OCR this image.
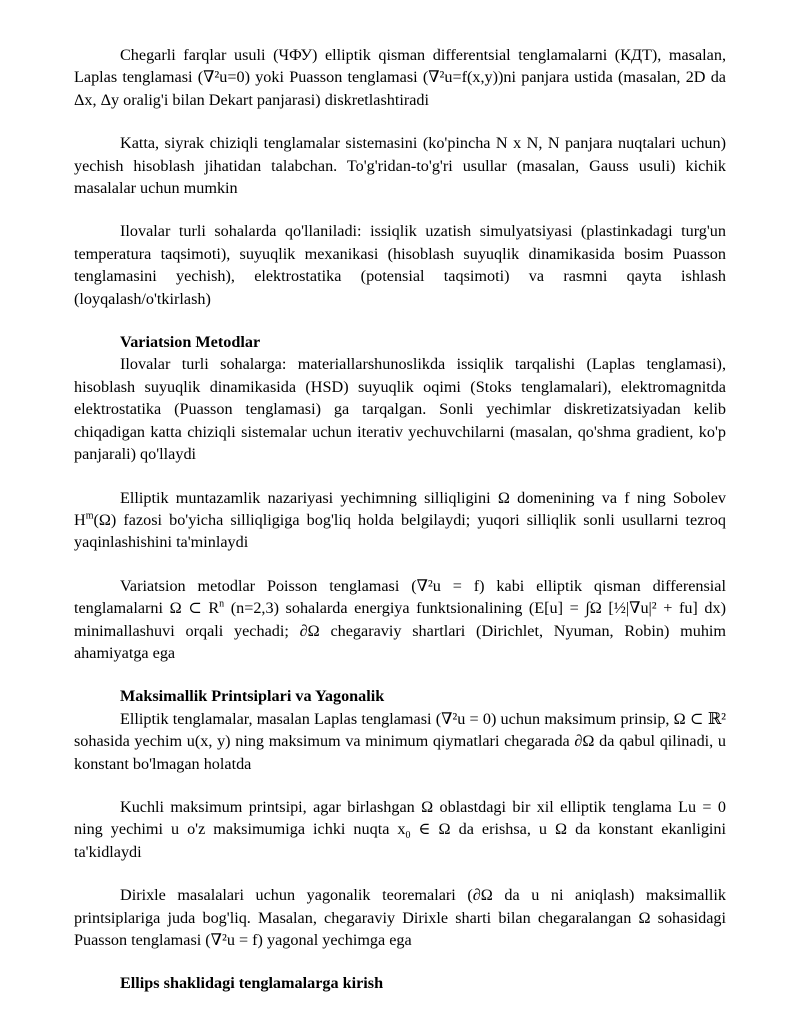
Chegarli farqlar usuli (ЧФУ) elliptik qisman differentsial tenglamalarni (КДТ), masalan, Laplas tenglamasi (∇²u=0) yoki Puasson tenglamasi (∇²u=f(x,y))ni panjara ustida (masalan, 2D da Δx, Δy oralig'i bilan Dekart panjarasi) diskretlashtiradi

Katta, siyrak chiziqli tenglamalar sistemasini (ko'pincha N x N, N panjara nuqtalari uchun) yechish hisoblash jihatidan talabchan. To'g'ridan-to'g'ri usullar (masalan, Gauss usuli) kichik masalalar uchun mumkin

Ilovalar turli sohalarda qo'llaniladi: issiqlik uzatish simulyatsiyasi (plastinkadagi turg'un temperatura taqsimoti), suyuqlik mexanikasi (hisoblash suyuqlik dinamikasida bosim Puasson tenglamasini yechish), elektrostatika (potensial taqsimoti) va rasmni qayta ishlash (loyqalash/o'tkirlash)

Variatsion Metodlar

Ilovalar turli sohalarga: materiallarshunoslikda issiqlik tarqalishi (Laplas tenglamasi), hisoblash suyuqlik dinamikasida (HSD) suyuqlik oqimi (Stoks tenglamalari), elektromagnitda elektrostatika (Puasson tenglamasi) ga tarqalgan. Sonli yechimlar diskretizatsiyadan kelib chiqadigan katta chiziqli sistemalar uchun iterativ yechuvchilarni (masalan, qo'shma gradient, ko'p panjarali) qo'llaydi

Elliptik muntazamlik nazariyasi yechimning silliqligini Ω domenining va f ning Sobolev $H^m(\Omega)$ fazosi bo'yicha silliqligiga bog'liq holda belgilaydi; yuqori silliqlik sonli usullarni tezroq yaqinlashishini ta'minlaydi

Variatsion metodlar Poisson tenglamasi (∇²u = f) kabi elliptik qisman differensial tenglamalarni Ω ⊂ $R^n$ (n=2,3) sohalarda energiya funktsionalining (E[u] = ∫Ω [½|∇u|² + fu] dx) minimallashuvi orqali yechadi; ∂Ω chegaraviy shartlari (Dirichlet, Nyuman, Robin) muhim ahamiyatga ega

Maksimallik Printsiplari va Yagonalik

Elliptik tenglamalar, masalan Laplas tenglamasi (∇²u = 0) uchun maksimum prinsip, Ω ⊂ ℝ² sohasida yechim u(x, y) ning maksimum va minimum qiymatlari chegarada ∂Ω da qabul qilinadi, u konstant bo'lmagan holatda

Kuchli maksimum printsipi, agar birlashgan Ω oblastdagi bir xil elliptik tenglama Lu = 0 ning yechimi u o'z maksimumiga ichki nuqta $x_0$ ∈ Ω da erishsa, u Ω da konstant ekanligini ta'kidlaydi

Dirixle masalalari uchun yagonalik teoremalari (∂Ω da u ni aniqlash) maksimallik printsiplariga juda bog'liq. Masalan, chegaraviy Dirixle sharti bilan chegaralangan Ω sohasidagi Puasson tenglamasi (∇²u = f) yagonal yechimga ega

Ellips shaklidagi tenglamalarga kirish
